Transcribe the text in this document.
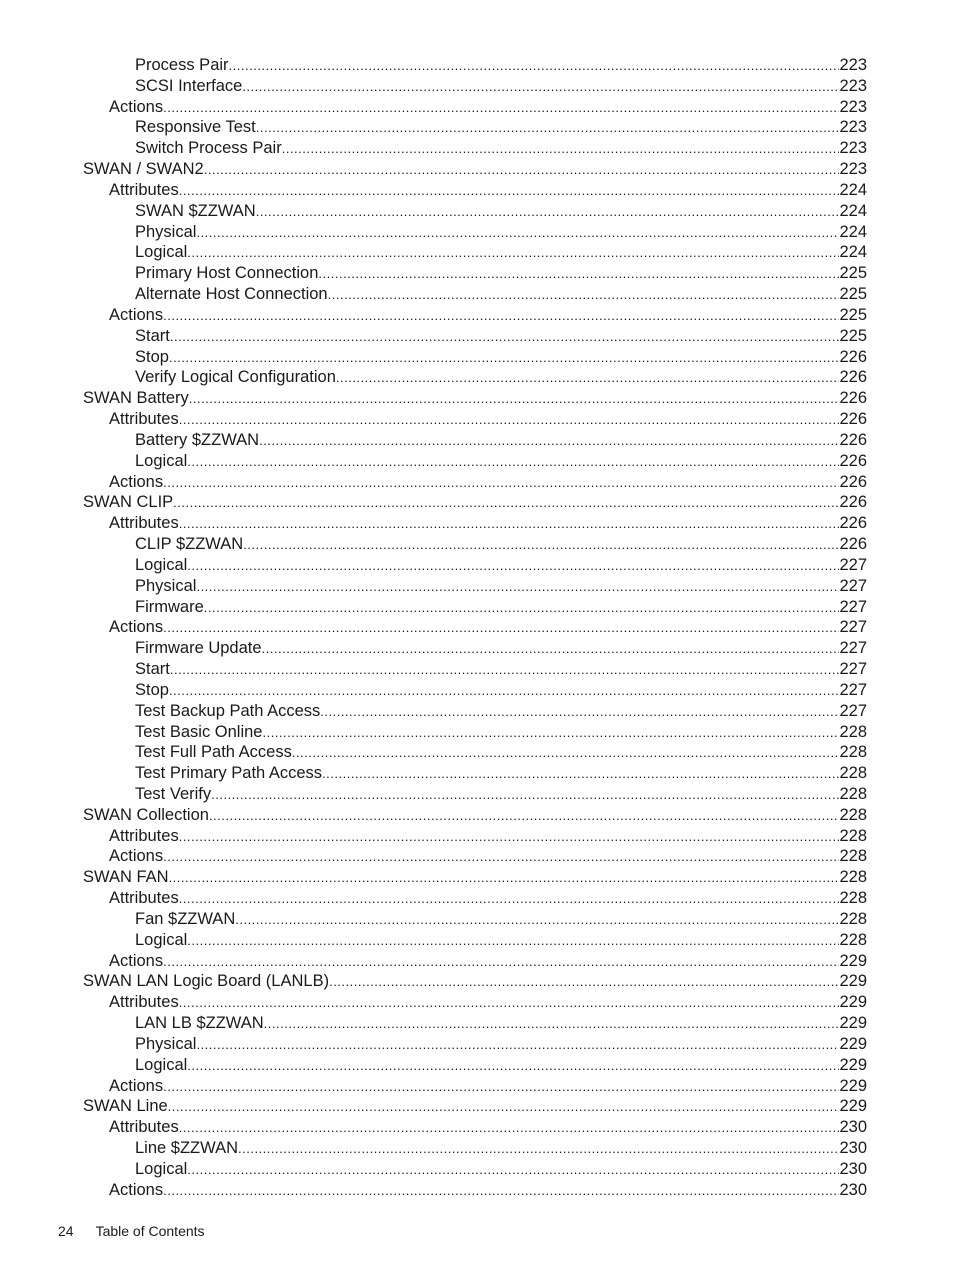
Process Pair .....	223
SCSI Interface .....	223
Actions .....	223
Responsive Test .....	223
Switch Process Pair .....	223
SWAN / SWAN2 .....	223
Attributes .....	224
SWAN $ZZWAN .....	224
Physical .....	224
Logical .....	224
Primary Host Connection .....	225
Alternate Host Connection .....	225
Actions .....	225
Start .....	225
Stop .....	226
Verify Logical Configuration .....	226
SWAN Battery .....	226
Attributes .....	226
Battery $ZZWAN .....	226
Logical .....	226
Actions .....	226
SWAN CLIP .....	226
Attributes .....	226
CLIP $ZZWAN .....	226
Logical .....	227
Physical .....	227
Firmware .....	227
Actions .....	227
Firmware Update .....	227
Start .....	227
Stop .....	227
Test Backup Path Access .....	227
Test Basic Online .....	228
Test Full Path Access .....	228
Test Primary Path Access .....	228
Test Verify .....	228
SWAN Collection .....	228
Attributes .....	228
Actions .....	228
SWAN FAN .....	228
Attributes .....	228
Fan $ZZWAN .....	228
Logical .....	228
Actions .....	229
SWAN LAN Logic Board (LANLB) .....	229
Attributes .....	229
LAN LB $ZZWAN .....	229
Physical .....	229
Logical .....	229
Actions .....	229
SWAN Line .....	229
Attributes .....	230
Line $ZZWAN .....	230
Logical .....	230
Actions .....	230
24 Table of Contents
